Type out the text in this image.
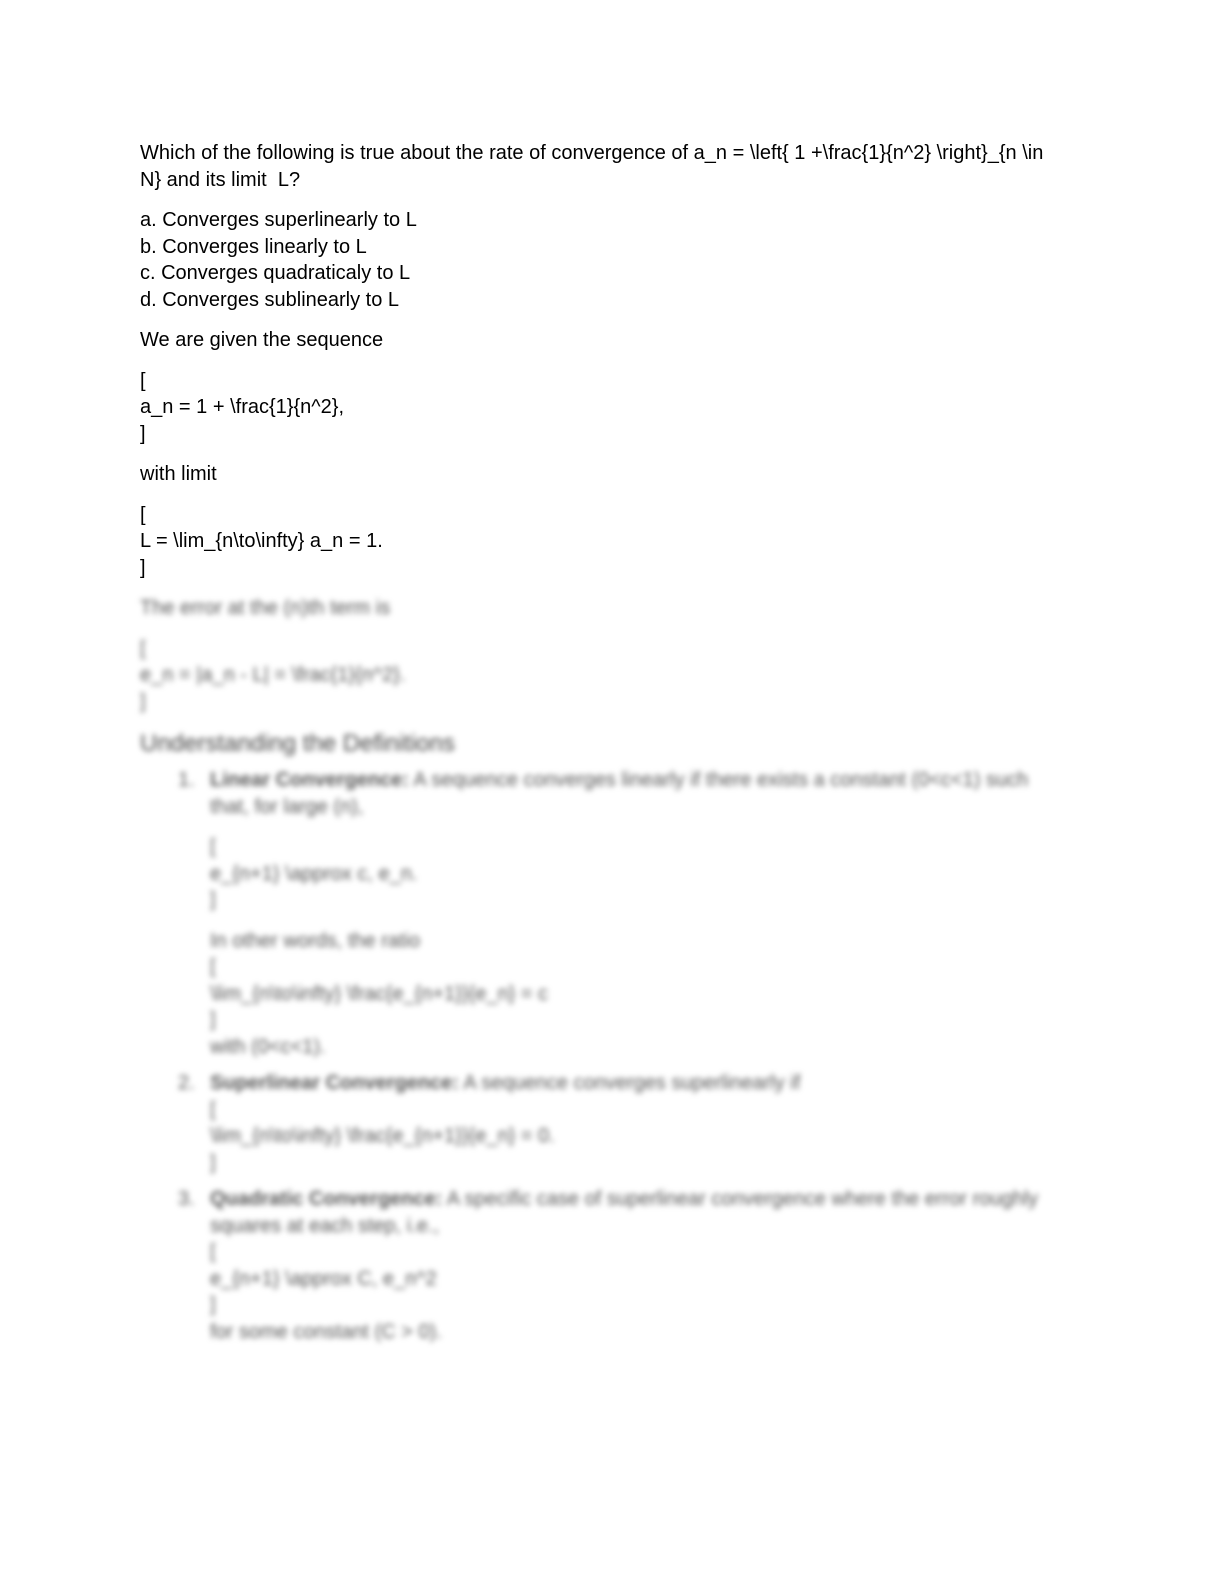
Which of the following is true about the rate of convergence of a_n = \left{ 1 +\frac{1}{n^2} \right}_{n \in
N} and its limit  L?
a. Converges superlinearly to L
b. Converges linearly to L
c. Converges quadraticaly to L
d. Converges sublinearly to L
We are given the sequence
[
a_n = 1 + \frac{1}{n^2},
]
with limit
[
L = \lim_{n\to\infty} a_n = 1.
]
The error at the (n)th term is
[
e_n = |a_n - L| = \frac{1}{n^2}.
]
Understanding the Definitions
1. Linear Convergence: A sequence converges linearly if there exists a constant (0<c<1) such
that, for large (n),
[
e_{n+1} \approx c, e_n.
]
In other words, the ratio
[
\lim_{n\to\infty} \frac{e_{n+1}}{e_n} = c
]
with (0<c<1).
2. Superlinear Convergence: A sequence converges superlinearly if
[
\lim_{n\to\infty} \frac{e_{n+1}}{e_n} = 0.
]
3. Quadratic Convergence: A specific case of superlinear convergence where the error roughly
squares at each step, i.e.,
[
e_{n+1} \approx C, e_n^2
]
for some constant (C > 0).
